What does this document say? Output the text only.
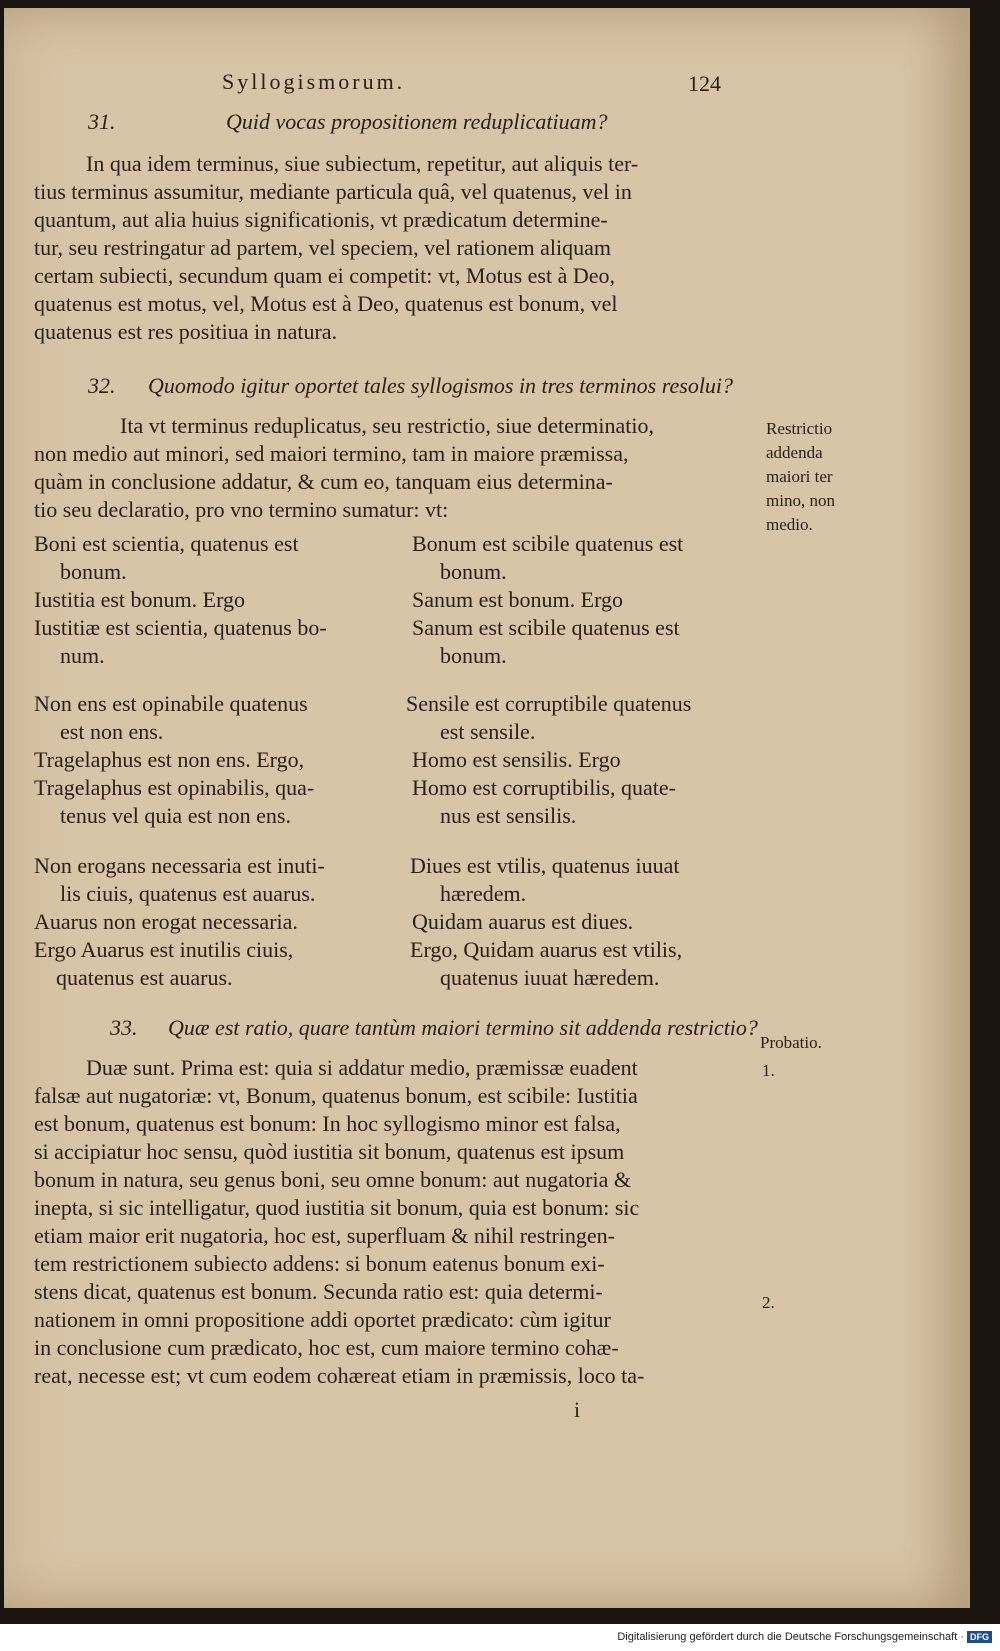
Syllogismorum.	124
31.	Quid vocas propositionem reduplicatiuam?
In qua idem terminus, siue subiectum, repetitur, aut aliquis ter-
tius terminus assumitur, mediante particula quâ, vel quatenus, vel in
quantum, aut alia huius significationis, vt prædicatum determine-
tur, seu restringatur ad partem, vel speciem, vel rationem aliquam
certam subiecti, secundum quam ei competit: vt, Motus est à Deo,
quatenus est motus, vel, Motus est à Deo, quatenus est bonum, vel
quatenus est res positiua in natura.
32. Quomodo igitur oportet tales syllogismos in tres terminos resolui?
Ita vt terminus reduplicatus, seu restrictio, siue determinatio,
non medio aut minori, sed maiori termino, tam in maiore præmissa,
quàm in conclusione addatur, & cum eo, tanquam eius determina-
tio seu declaratio, pro vno termino sumatur: vt:
Restrictio
addenda
maiori ter
mino, non
medio.
Boni est scientia, quatenus est
bonum.
Iustitia est bonum. Ergo
Iustitiæ est scientia, quatenus bo-
num.
Non ens est opinabile quatenus
est non ens.
Tragelaphus est non ens. Ergo,
Tragelaphus est opinabilis, qua-
tenus vel quia est non ens.
Non erogans necessaria est inuti-
lis ciuis, quatenus est auarus.
Auarus non erogat necessaria.
Ergo Auarus est inutilis ciuis,
quatenus est auarus.
Bonum est scibile quatenus est
bonum.
Sanum est bonum. Ergo
Sanum est scibile quatenus est
bonum.
Sensile est corruptibile quatenus
est sensile.
Homo est sensilis. Ergo
Homo est corruptibilis, quate-
nus est sensilis.
Diues est vtilis, quatenus iuuat
hæredem.
Quidam auarus est diues.
Ergo, Quidam auarus est vtilis,
quatenus iuuat hæredem.
33. Quæ est ratio, quare tantùm maiori termino sit addenda restrictio?
Probatio.
1.
2.
Duæ sunt. Prima est: quia si addatur medio, præmissæ euadent
falsæ aut nugatoriæ: vt, Bonum, quatenus bonum, est scibile: Iustitia
est bonum, quatenus est bonum: In hoc syllogismo minor est falsa,
si accipiatur hoc sensu, quòd iustitia sit bonum, quatenus est ipsum
bonum in natura, seu genus boni, seu omne bonum: aut nugatoria &
inepta, si sic intelligatur, quod iustitia sit bonum, quia est bonum: sic
etiam maior erit nugatoria, hoc est, superfluam & nihil restringen-
tem restrictionem subiecto addens: si bonum eatenus bonum exi-
stens dicat, quatenus est bonum. Secunda ratio est: quia determi-
nationem in omni propositione addi oportet prædicato: cùm igitur
in conclusione cum prædicato, hoc est, cum maiore termino cohæ-
reat, necesse est; vt cum eodem cohæreat etiam in præmissis, loco ta-
i
Digitalisierung gefördert durch die Deutsche Forschungsgemeinschaft · DFG
